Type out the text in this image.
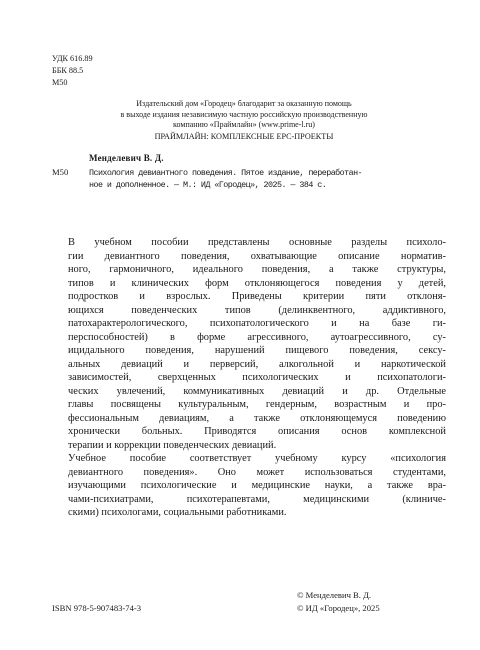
УДК 616.89
ББК 88.5
М50
Издательский дом «Городец» благодарит за оказанную помощь
в выходе издания независимую частную российскую производственную
компанию «Праймлайн» (www.prime-l.ru)
ПРАЙМЛАЙН: КОМПЛЕКСНЫЕ EPC-ПРОЕКТЫ
Менделевич В. Д.
М50 Психология девиантного поведения. Пятое издание, переработан-
ное и дополненное. — М.: ИД «Городец», 2025. — 384 с.
В учебном пособии представлены основные разделы психоло-
гии девиантного поведения, охватывающие описание норматив-
ного, гармоничного, идеального поведения, а также структуры,
типов и клинических форм отклоняющегося поведения у детей,
подростков и взрослых. Приведены критерии пяти отклоня-
ющихся поведенческих типов (делинквентного, аддиктивного,
патохарактерологического, психопатологического и на базе ги-
перспособностей) в форме агрессивного, аутоагрессивного, су-
ицидального поведения, нарушений пищевого поведения, сексу-
альных девиаций и перверсий, алкогольной и наркотической
зависимостей, сверхценных психологических и психопатологи-
ческих увлечений, коммуникативных девиаций и др. Отдельные
главы посвящены культуральным, гендерным, возрастным и про-
фессиональным девиациям, а также отклоняющемуся поведению
хронически больных. Приводятся описания основ комплексной
терапии и коррекции поведенческих девиаций.
Учебное пособие соответствует учебному курсу «психология
девиантного поведения». Оно может использоваться студентами,
изучающими психологические и медицинские науки, а также вра-
чами-психиатрами, психотерапевтами, медицинскими (клиниче-
скими) психологами, социальными работниками.
ISBN 978-5-907483-74-3
© Менделевич В. Д.
© ИД «Городец», 2025
